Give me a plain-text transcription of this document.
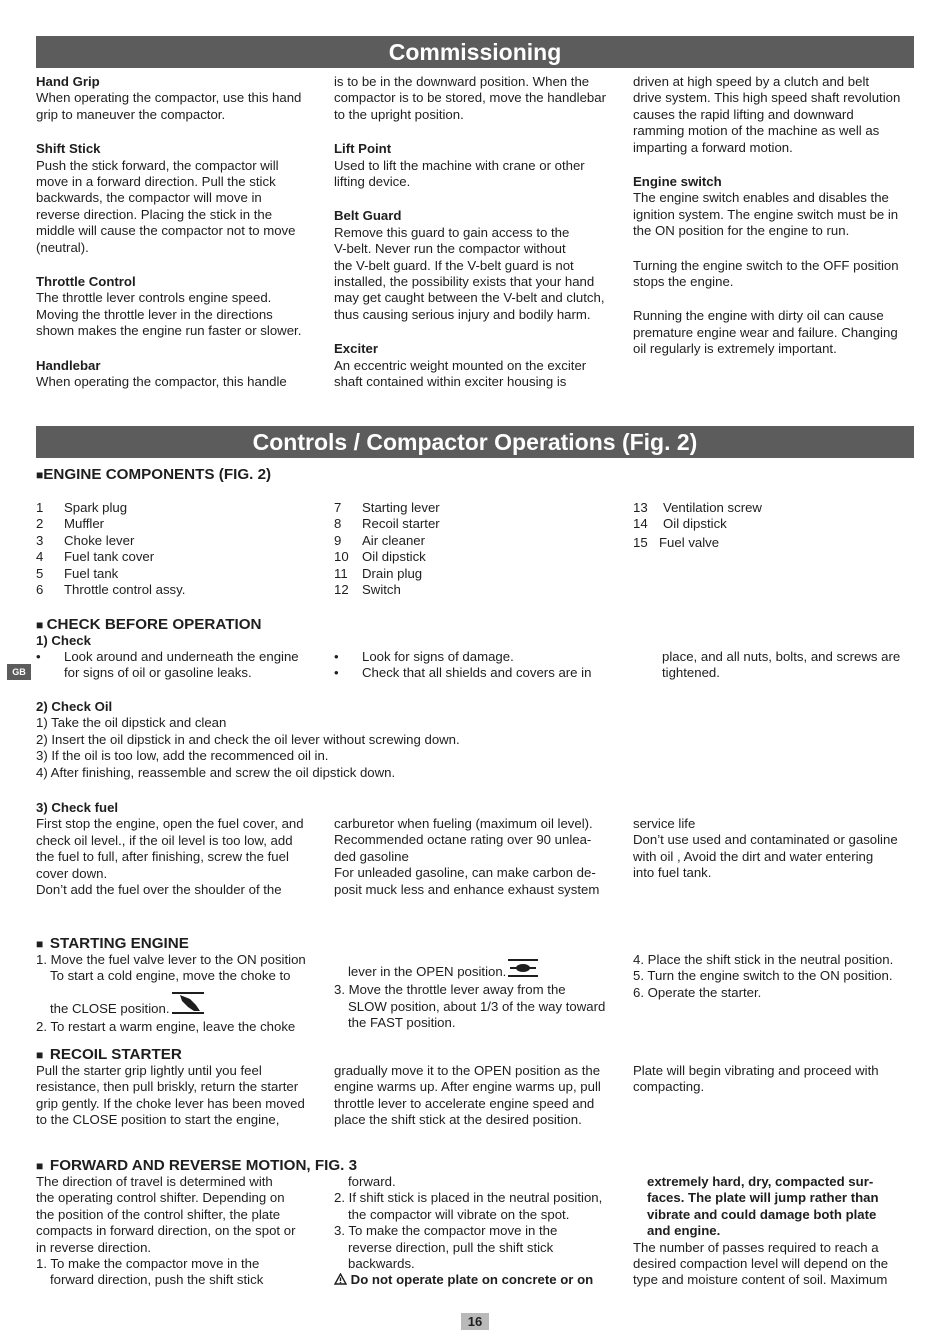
Commissioning

Hand Grip

When operating the compactor, use this hand

grip to maneuver the compactor.

Shift Stick

Push the stick forward, the compactor will

move in a forward direction. Pull the stick

backwards, the compactor will move in

reverse direction. Placing the stick in the

middle will cause the compactor not to move

(neutral).

Throttle Control

The throttle lever controls engine speed.

Moving the throttle lever in the directions

shown makes the engine run faster or slower.

Handlebar

When operating the compactor, this handle

is to be in the downward position. When the

compactor is to be stored, move the handlebar

to the upright position.

Lift Point

Used to lift the machine with crane or other

lifting device.

Belt Guard

Remove this guard to gain access to the

V-belt. Never run the compactor without

the V-belt guard. If the V-belt guard is not

installed, the possibility exists that your hand

may get caught between the V-belt and clutch,

thus causing serious injury and bodily harm.

Exciter

An eccentric weight mounted on the exciter

shaft contained within exciter housing is

driven at high speed by a clutch and belt

drive system. This high speed shaft revolution

causes the rapid lifting and downward

ramming motion of the machine as well as

imparting a forward motion.

Engine switch

The engine switch enables and disables the

ignition system. The engine switch must be in

the ON position for the engine to run.

Turning the engine switch to the OFF position

stops the engine.

Running the engine with dirty oil can cause

premature engine wear and failure. Changing

oil regularly is extremely important.

Controls / Compactor Operations (Fig. 2)
■ENGINE COMPONENTS (FIG. 2)
1	Spark plug
2	Muffler
3	Choke lever
4	Fuel tank cover
5	Fuel tank
6	Throttle control assy.
7	Starting lever
8	Recoil starter
9	Air cleaner
10	Oil dipstick
11	Drain plug
12	Switch
13	Ventilation screw
14	Oil dipstick
15 Fuel valve
■ CHECK BEFORE OPERATION
1) Check
GB
•	Look around and underneath the engine
for signs of oil or gasoline leaks.
•	Look for signs of damage.
•	Check that all shields and covers are in
place, and all nuts, bolts, and screws are
tightened.

2) Check Oil

1) Take the oil dipstick and clean

2) Insert the oil dipstick in and check the oil lever without screwing down.

3) If the oil is too low, add the recommenced oil in.

4) After finishing, reassemble and screw the oil dipstick down.

3) Check fuel

First stop the engine, open the fuel cover, and

check oil level., if the oil level is too low, add

the fuel to full, after finishing, screw the fuel

cover down.

Don’t add the fuel over the shoulder of the

carburetor when fueling (maximum oil level).

Recommended octane rating over 90 unlea-

ded gasoline

For unleaded gasoline, can make carbon de-

posit muck less and enhance exhaust system

service life

Don’t use used and contaminated or gasoline

with oil , Avoid the dirt and water entering

into fuel tank.

■  STARTING ENGINE

1. Move the fuel valve lever to the ON position

To start a cold engine, move the choke to

the CLOSE position.

2. To restart a warm engine, leave the choke

lever in the OPEN position.

3. Move the throttle lever away from the

SLOW position, about 1/3 of the way toward

the FAST position.

4. Place the shift stick in the neutral position.

5. Turn the engine switch to the ON position.

6. Operate the starter.

■  RECOIL STARTER

Pull the starter grip lightly until you feel

resistance, then pull briskly, return the starter

grip gently. If the choke lever has been moved

to the CLOSE position to start the engine,

gradually move it to the OPEN position as the

engine warms up. After engine warms up, pull

throttle lever to accelerate engine speed and

place the shift stick at the desired position.

Plate will begin vibrating and proceed with

compacting.

■  FORWARD AND REVERSE MOTION, FIG. 3

The direction of travel is determined with

the operating control shifter. Depending on

the position of the control shifter, the plate

compacts in forward direction, on the spot or

in reverse direction.

1. To make the compactor move in the

forward direction, push the shift stick

forward.

2. If shift stick is placed in the neutral position,

the compactor will vibrate on the spot.

3. To make the compactor move in the

reverse direction, pull the shift stick

backwards.

Do not operate plate on concrete or on

extremely hard, dry, compacted sur-

faces. The plate will jump rather than

vibrate and could damage both plate

and engine.

The number of passes required to reach a

desired compaction level will depend on the

type and moisture content of soil. Maximum

16
